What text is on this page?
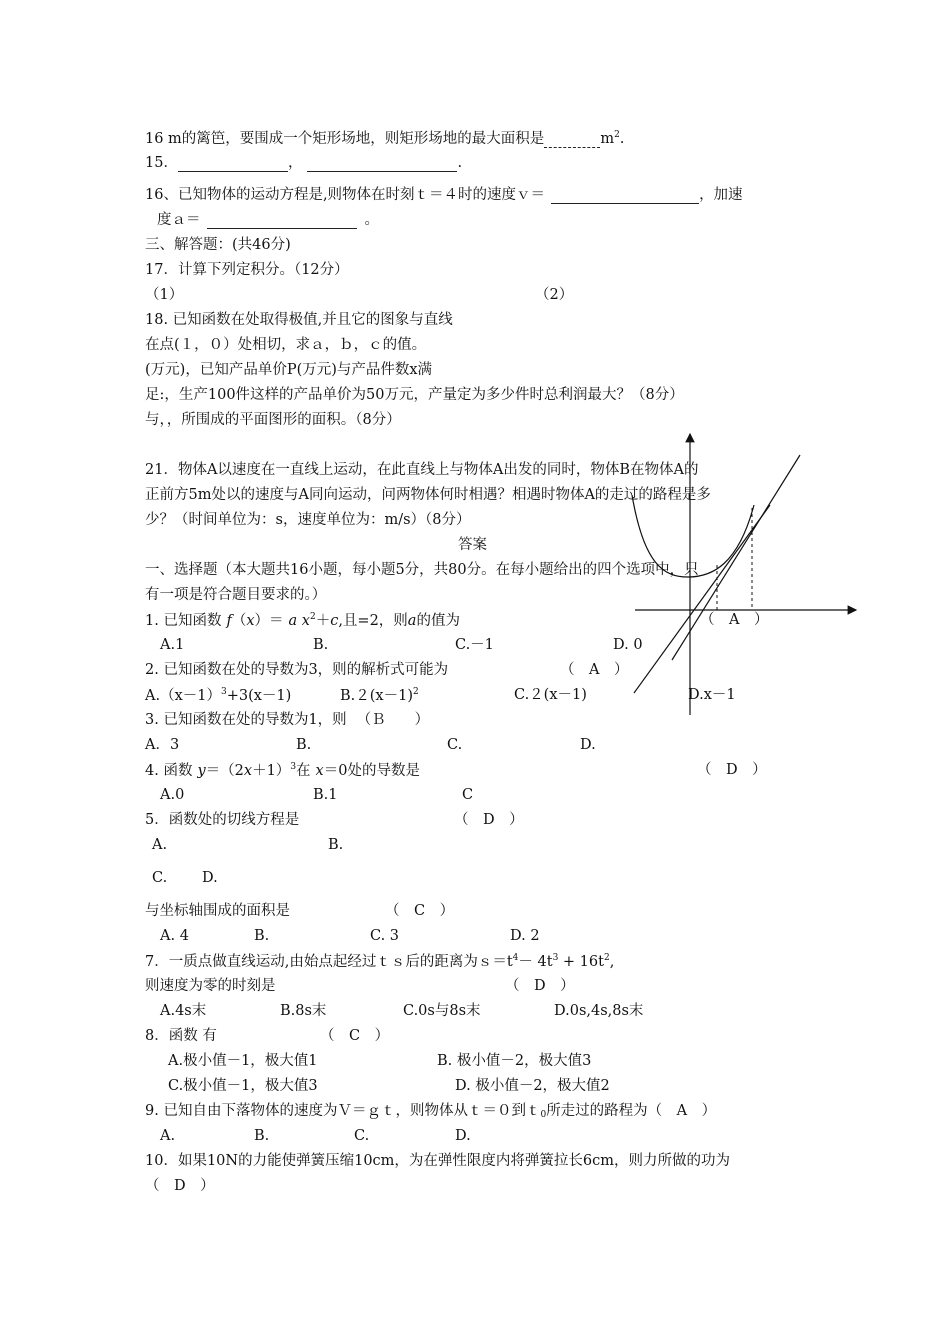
16 m的篱笆，要围成一个矩形场地，则矩形场地的最大面积是	$m^2$.
15．	，	.
16、已知物体的运动方程是,则物体在时刻ｔ＝４时的速度ｖ＝	，加速
度ａ＝	。
三、解答题：(共46分)
17．计算下列定积分。（12分）
（1）	（2）
18. 已知函数在处取得极值,并且它的图象与直线
在点(１，０）处相切，求ａ，ｂ，ｃ的值。
(万元)，已知产品单价P(万元)与产品件数x满
足:，生产100件这样的产品单价为50万元，产量定为多少件时总利润最大？（8分）
与，，所围成的平面图形的面积。（8分）
21．物体A以速度在一直线上运动，在此直线上与物体A出发的同时，物体B在物体A的
正前方5m处以的速度与A同向运动，问两物体何时相遇？相遇时物体A的走过的路程是多
少？（时间单位为：s，速度单位为：m/s）（8分）
答案
一、选择题（本大题共16小题，每小题5分，共80分。在每小题给出的四个选项中，只
有一项是符合题目要求的。）
1. 已知函数 f（x）＝ a $x^2+c$,且=2，则a的值为	（　A　）
A.1	B.	C.－1	D. 0
2. 已知函数在处的导数为3，则的解析式可能为	（　A　）
$A.(x-1)^3+3(x-1)$	$B.2(x-1)^2$	C.２(x－1)	D.x－1
3. 已知函数在处的导数为1，则 （Ｂ　　）
A．3	B.	C.	D.
4. 函数 $y=(2x+1)^3$在 x＝0处的导数是	（　D　）
A.0	B.1	C
5．函数处的切线方程是	（　D　）
A.	B.
C. D.
与坐标轴围成的面积是	（　C　）
A. 4	B.	C. 3	D. 2
7．一质点做直线运动,由始点起经过ｔｓ后的距离为$s=t^4- 4t^3 + 16t^2$,
则速度为零的时刻是	（　D　）
A.4s末	B.8s末	C.0s与8s末	D.0s,4s,8s末
8．函数 有	（　C　）
A.极小值－1，极大值1	B. 极小值－2，极大值3
C.极小值－1，极大值3	D. 极小值－2，极大值2
9. 已知自由下落物体的速度为Ｖ＝ｇｔ，则物体从ｔ＝０到ｔ$_0$所走过的路程为（　A　）
A.	B.	C.	D.
10．如果10N的力能使弹簧压缩10cm，为在弹性限度内将弹簧拉长6cm，则力所做的功为
（　D　）
